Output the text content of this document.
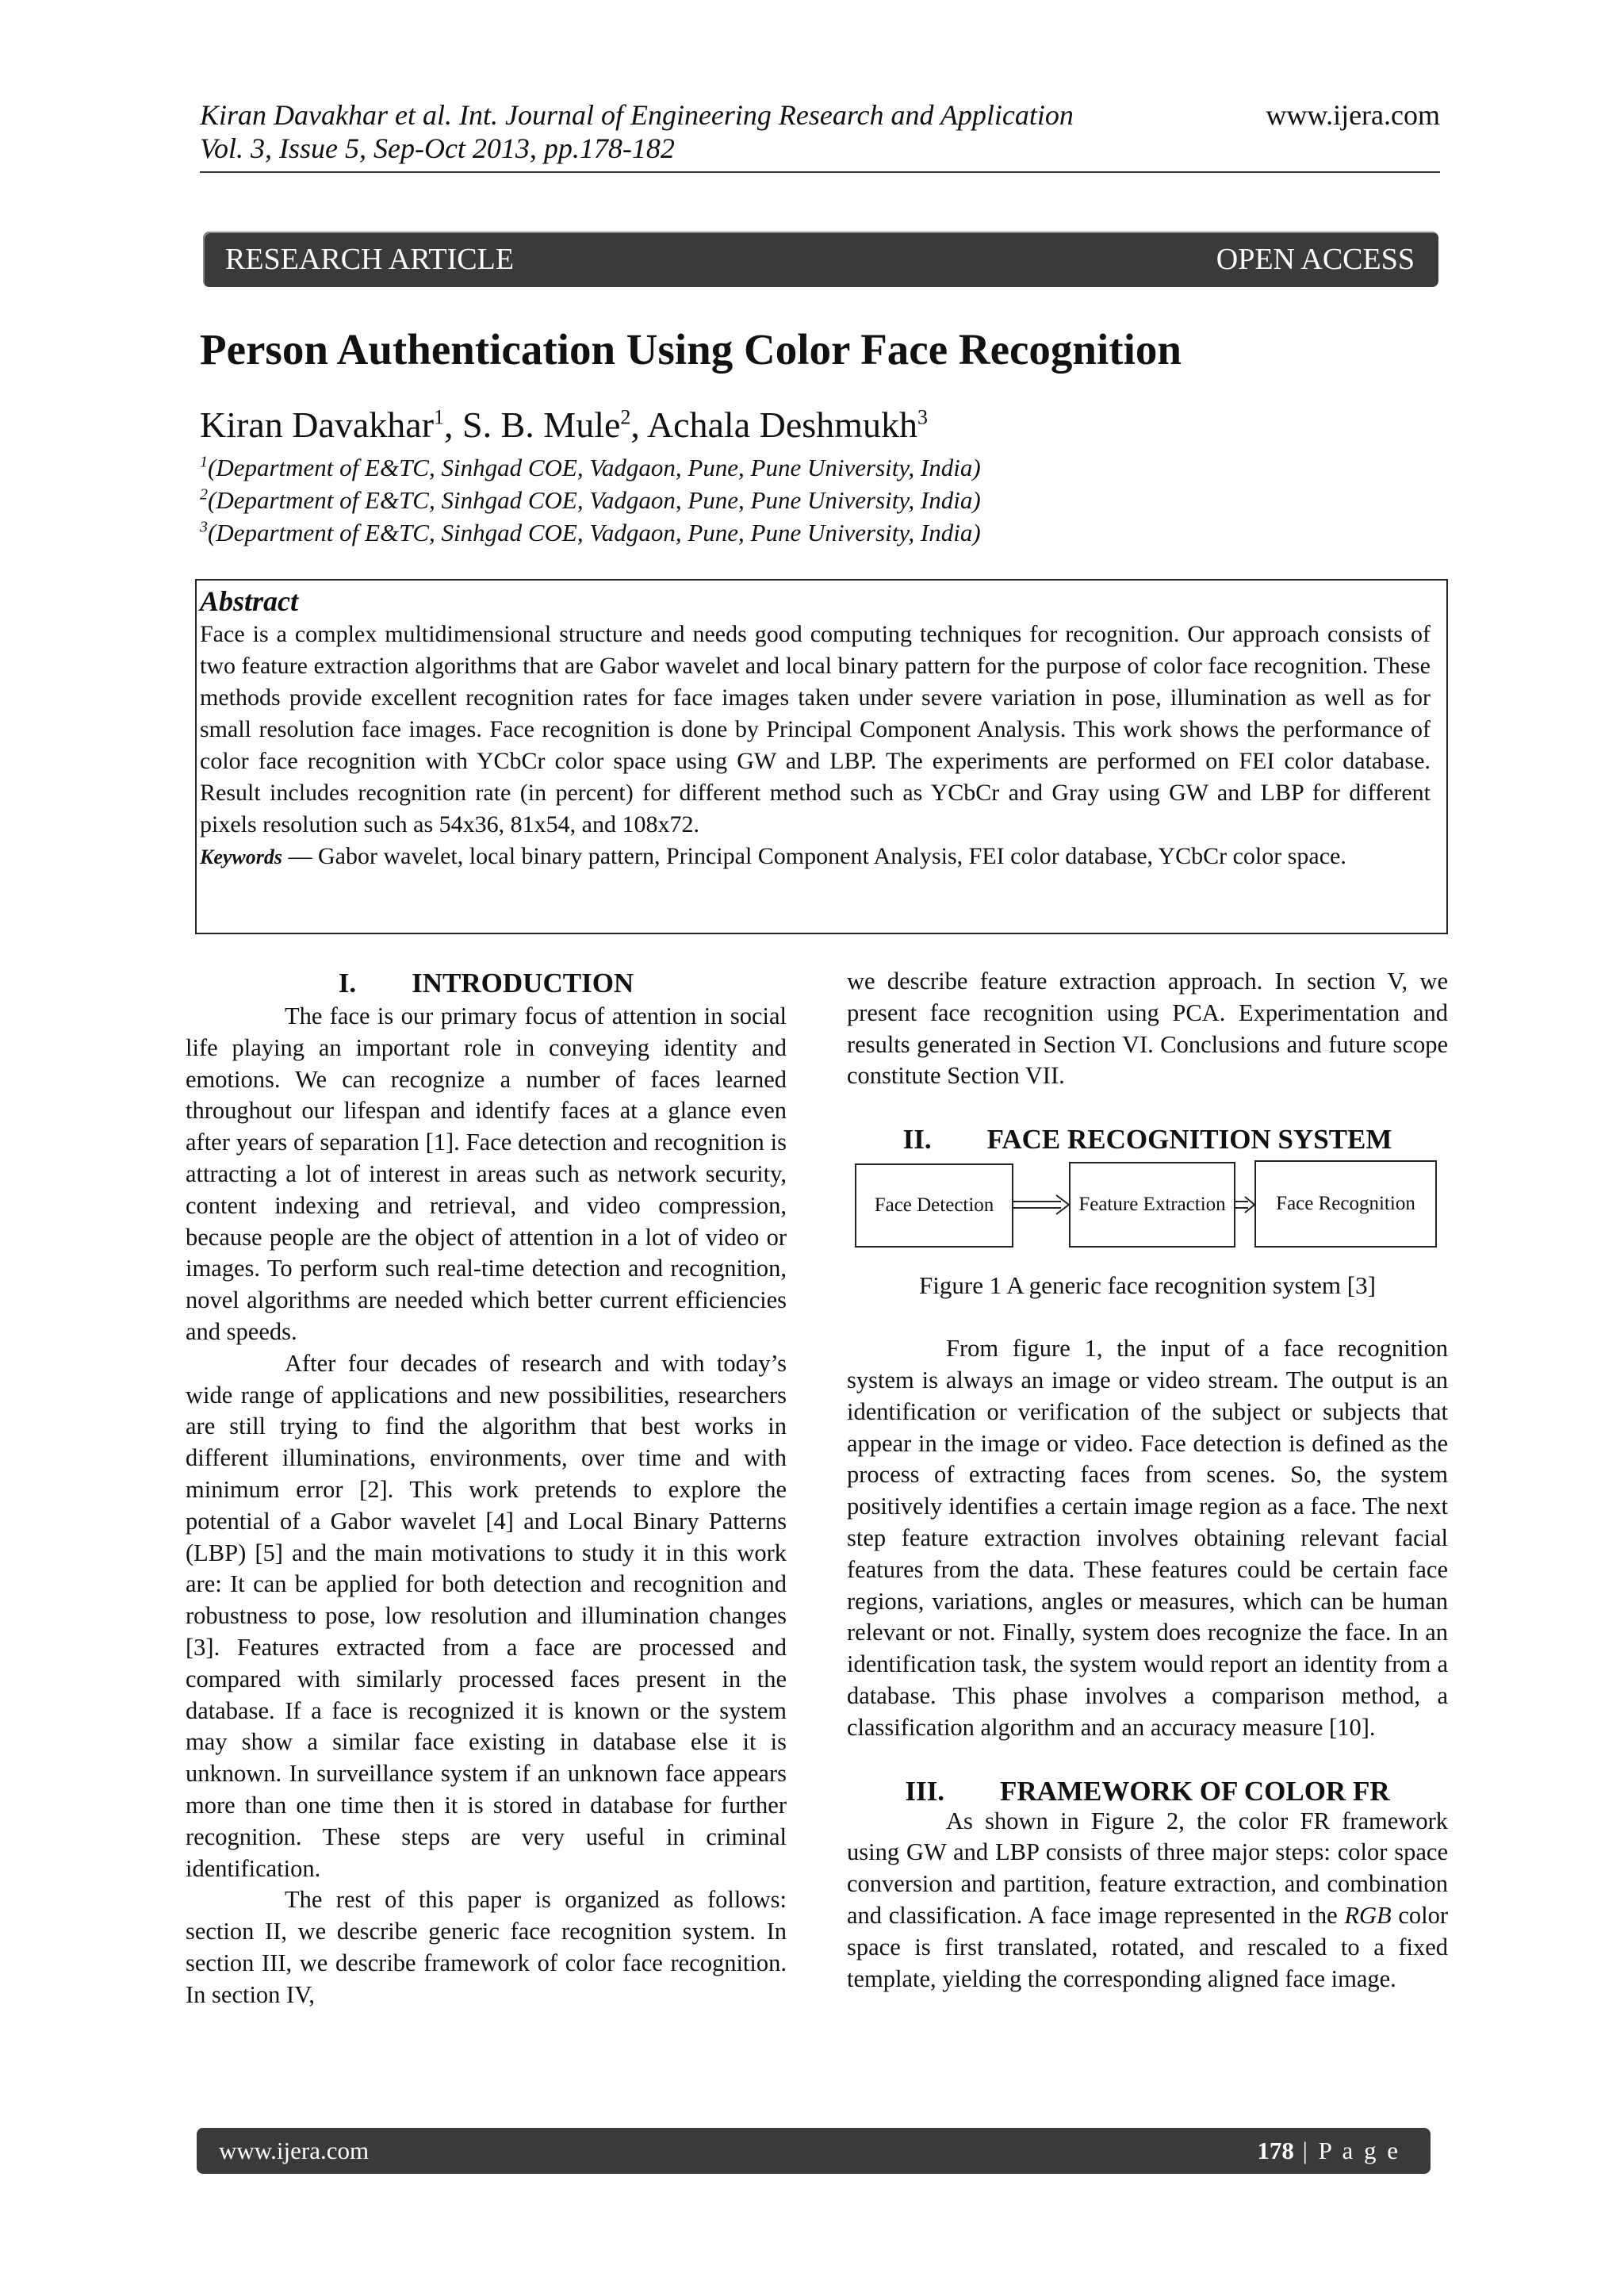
Kiran Davakhar et al. Int. Journal of Engineering Research and Application
Vol. 3, Issue 5, Sep-Oct 2013, pp.178-182
www.ijera.com
RESEARCH ARTICLE	OPEN ACCESS
Person Authentication Using Color Face Recognition
Kiran Davakhar$^1$, S. B. Mule$^2$, Achala Deshmukh$^3$
$^1$(Department of E&TC, Sinhgad COE, Vadgaon, Pune, Pune University, India)
$^2$(Department of E&TC, Sinhgad COE, Vadgaon, Pune, Pune University, India)
$^3$(Department of E&TC, Sinhgad COE, Vadgaon, Pune, Pune University, India)
Abstract
Face is a complex multidimensional structure and needs good computing techniques for recognition. Our approach consists of two feature extraction algorithms that are Gabor wavelet and local binary pattern for the purpose of color face recognition. These methods provide excellent recognition rates for face images taken under severe variation in pose, illumination as well as for small resolution face images. Face recognition is done by Principal Component Analysis. This work shows the performance of color face recognition with YCbCr color space using GW and LBP. The experiments are performed on FEI color database. Result includes recognition rate (in percent) for different method such as YCbCr and Gray using GW and LBP for different pixels resolution such as 54x36, 81x54, and 108x72.
Keywords — Gabor wavelet, local binary pattern, Principal Component Analysis, FEI color database, YCbCr color space.
I. INTRODUCTION

The face is our primary focus of attention in social life playing an important role in conveying identity and emotions. We can recognize a number of faces learned throughout our lifespan and identify faces at a glance even after years of separation [1]. Face detection and recognition is attracting a lot of interest in areas such as network security, content indexing and retrieval, and video compression, because people are the object of attention in a lot of video or images. To perform such real-time detection and recognition, novel algorithms are needed which better current efficiencies and speeds.

After four decades of research and with today’s wide range of applications and new possibilities, researchers are still trying to find the algorithm that best works in different illuminations, environments, over time and with minimum error [2]. This work pretends to explore the potential of a Gabor wavelet [4] and Local Binary Patterns (LBP) [5] and the main motivations to study it in this work are: It can be applied for both detection and recognition and robustness to pose, low resolution and illumination changes [3]. Features extracted from a face are processed and compared with similarly processed faces present in the database. If a face is recognized it is known or the system may show a similar face existing in database else it is unknown. In surveillance system if an unknown face appears more than one time then it is stored in database for further recognition. These steps are very useful in criminal identification.

The rest of this paper is organized as follows: section II, we describe generic face recognition system. In section III, we describe framework of color face recognition. In section IV,

we describe feature extraction approach. In section V, we present face recognition using PCA. Experimentation and results generated in Section VI. Conclusions and future scope constitute Section VII.

II. FACE RECOGNITION SYSTEM
Face Detection	Feature Extraction	Face Recognition
Figure 1 A generic face recognition system [3]

From figure 1, the input of a face recognition system is always an image or video stream. The output is an identification or verification of the subject or subjects that appear in the image or video. Face detection is defined as the process of extracting faces from scenes. So, the system positively identifies a certain image region as a face. The next step feature extraction involves obtaining relevant facial features from the data. These features could be certain face regions, variations, angles or measures, which can be human relevant or not. Finally, system does recognize the face. In an identification task, the system would report an identity from a database. This phase involves a comparison method, a classification algorithm and an accuracy measure [10].

III. FRAMEWORK OF COLOR FR

As shown in Figure 2, the color FR framework using GW and LBP consists of three major steps: color space conversion and partition, feature extraction, and combination and classification. A face image represented in the RGB color space is first translated, rotated, and rescaled to a fixed template, yielding the corresponding aligned face image.

www.ijera.com	178 | P a g e
